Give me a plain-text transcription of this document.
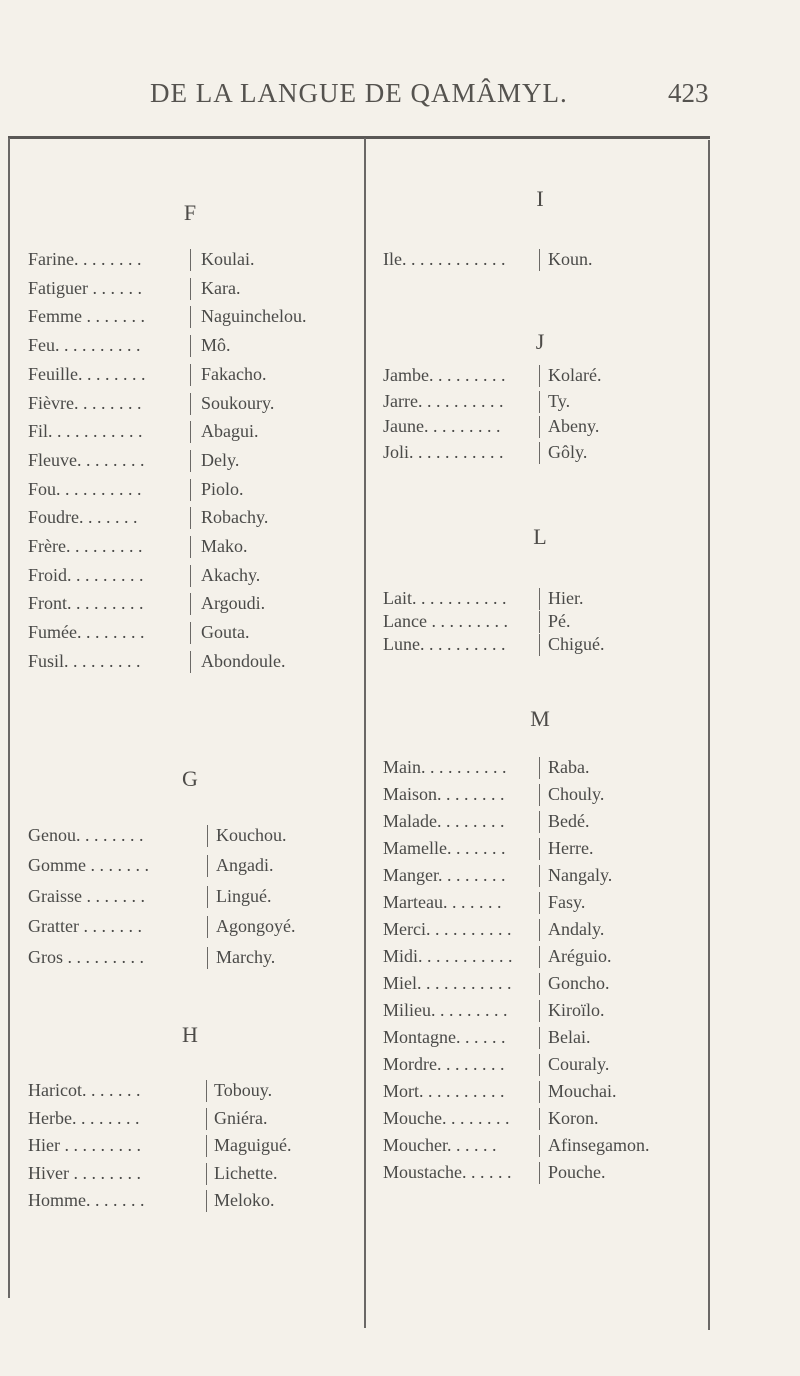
DE LA LANGUE DE QAMÂMYL.	423
F
Farine. . . . . . . .	Koulai.
Fatiguer . . . . . .	Kara.
Femme . . . . . . .	Naguinchelou.
Feu. . . . . . . . . .	Mô.
Feuille. . . . . . . .	Fakacho.
Fièvre. . . . . . . .	Soukoury.
Fil. . . . . . . . . . .	Abagui.
Fleuve. . . . . . . .	Dely.
Fou. . . . . . . . . .	Piolo.
Foudre. . . . . . .	Robachy.
Frère. . . . . . . . .	Mako.
Froid. . . . . . . . .	Akachy.
Front. . . . . . . . .	Argoudi.
Fumée. . . . . . . .	Gouta.
Fusil. . . . . . . . .	Abondoule.
G
Genou. . . . . . . .	Kouchou.
Gomme . . . . . . .	Angadi.
Graisse . . . . . . .	Lingué.
Gratter . . . . . . .	Agongoyé.
Gros . . . . . . . . .	Marchy.
H
Haricot. . . . . . .	Tobouy.
Herbe. . . . . . . .	Gniéra.
Hier . . . . . . . . .	Maguigué.
Hiver . . . . . . . .	Lichette.
Homme. . . . . . .	Meloko.
I
Ile. . . . . . . . . . . .	Koun.
J
Jambe. . . . . . . . .	Kolaré.
Jarre. . . . . . . . . .	Ty.
Jaune. . . . . . . . .	Abeny.
Joli. . . . . . . . . . .	Gôly.
L
Lait. . . . . . . . . . .	Hier.
Lance . . . . . . . . .	Pé.
Lune. . . . . . . . . .	Chigué.
M
Main. . . . . . . . . .	Raba.
Maison. . . . . . . .	Chouly.
Malade. . . . . . . .	Bedé.
Mamelle. . . . . . .	Herre.
Manger. . . . . . . .	Nangaly.
Marteau. . . . . . .	Fasy.
Merci. . . . . . . . . .	Andaly.
Midi. . . . . . . . . . .	Aréguio.
Miel. . . . . . . . . . .	Goncho.
Milieu. . . . . . . . .	Kiroïlo.
Montagne. . . . . .	Belai.
Mordre. . . . . . . .	Couraly.
Mort. . . . . . . . . .	Mouchai.
Mouche. . . . . . . .	Koron.
Moucher. . . . . .	Afinsegamon.
Moustache. . . . . .	Pouche.
